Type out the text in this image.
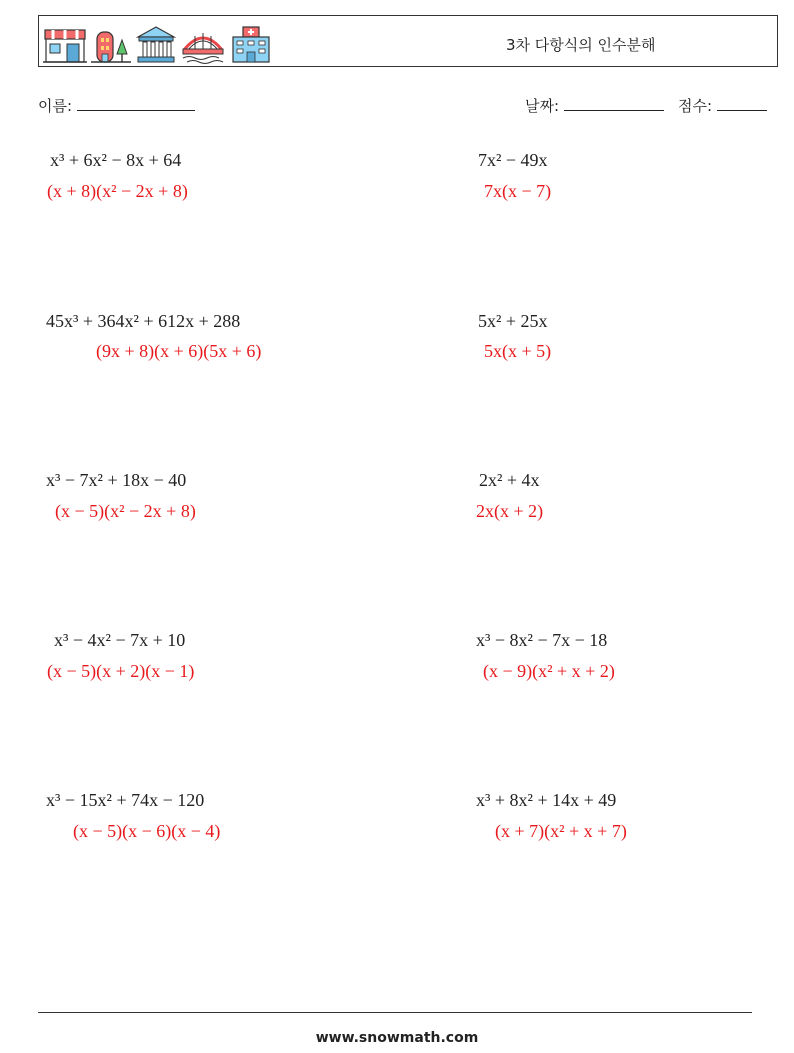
3차 다항식의 인수분해
이름:	날짜:	점수:
x³ + 6x² − 8x + 64
(x + 8)(x² − 2x + 8)
7x² − 49x
7x(x − 7)
45x³ + 364x² + 612x + 288
(9x + 8)(x + 6)(5x + 6)
5x² + 25x
5x(x + 5)
x³ − 7x² + 18x − 40
(x − 5)(x² − 2x + 8)
2x² + 4x
2x(x + 2)
x³ − 4x² − 7x + 10
(x − 5)(x + 2)(x − 1)
x³ − 8x² − 7x − 18
(x − 9)(x² + x + 2)
x³ − 15x² + 74x − 120
(x − 5)(x − 6)(x − 4)
x³ + 8x² + 14x + 49
(x + 7)(x² + x + 7)
www.snowmath.com
